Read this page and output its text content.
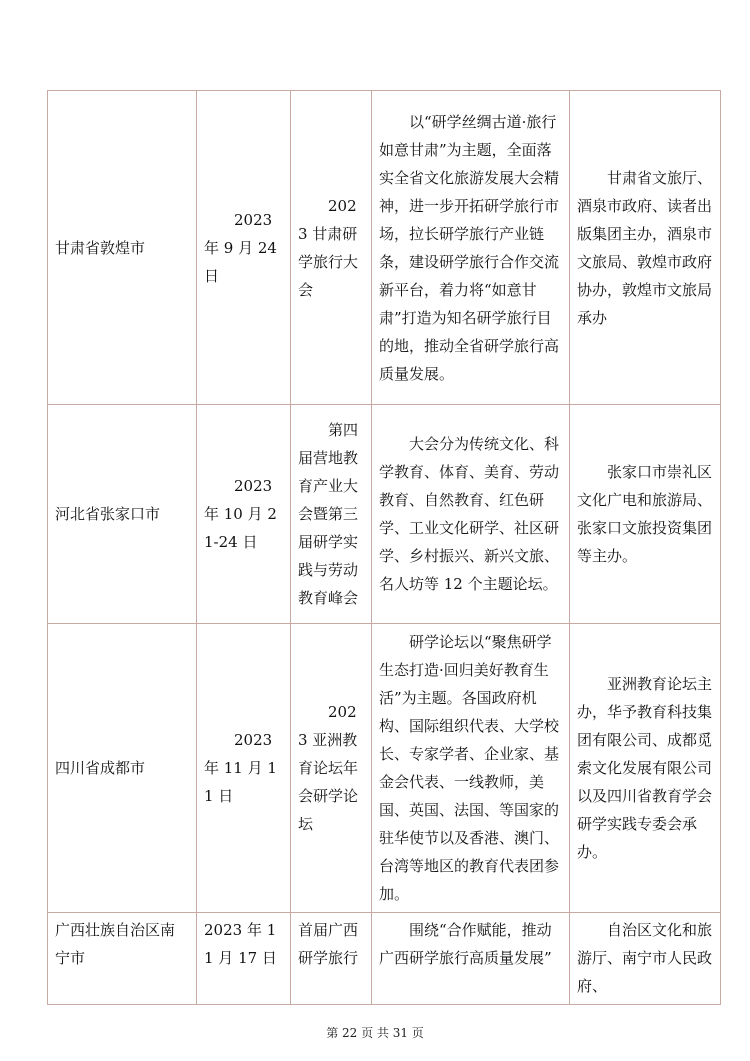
甘肃省敦煌市	2023 年 9 月 24 日	2023 甘肃研学旅行大会	以“研学丝绸古道·旅行如意甘肃”为主题，全面落实全省文化旅游发展大会精神，进一步开拓研学旅行市场，拉长研学旅行产业链条，建设研学旅行合作交流新平台，着力将“如意甘肃”打造为知名研学旅行目的地，推动全省研学旅行高质量发展。	甘肃省文旅厅、酒泉市政府、读者出版集团主办，酒泉市文旅局、敦煌市政府协办，敦煌市文旅局承办
河北省张家口市	2023 年 10 月 21-24 日	第四届营地教育产业大会暨第三届研学实践与劳动教育峰会	大会分为传统文化、科学教育、体育、美育、劳动教育、自然教育、红色研学、工业文化研学、社区研学、乡村振兴、新兴文旅、名人坊等 12 个主题论坛。	张家口市崇礼区文化广电和旅游局、张家口文旅投资集团等主办。
四川省成都市	2023 年 11 月 11 日	2023 亚洲教育论坛年会研学论坛	研学论坛以“聚焦研学生态打造·回归美好教育生活”为主题。各国政府机构、国际组织代表、大学校长、专家学者、企业家、基金会代表、一线教师，美国、英国、法国、等国家的驻华使节以及香港、澳门、台湾等地区的教育代表团参加。	亚洲教育论坛主办，华予教育科技集团有限公司、成都觅索文化发展有限公司以及四川省教育学会研学实践专委会承办。
广西壮族自治区南宁市	2023 年 11 月 17 日	首届广西研学旅行	围绕“合作赋能，推动广西研学旅行高质量发展”	自治区文化和旅游厅、南宁市人民政府、
第 22 页 共 31 页
